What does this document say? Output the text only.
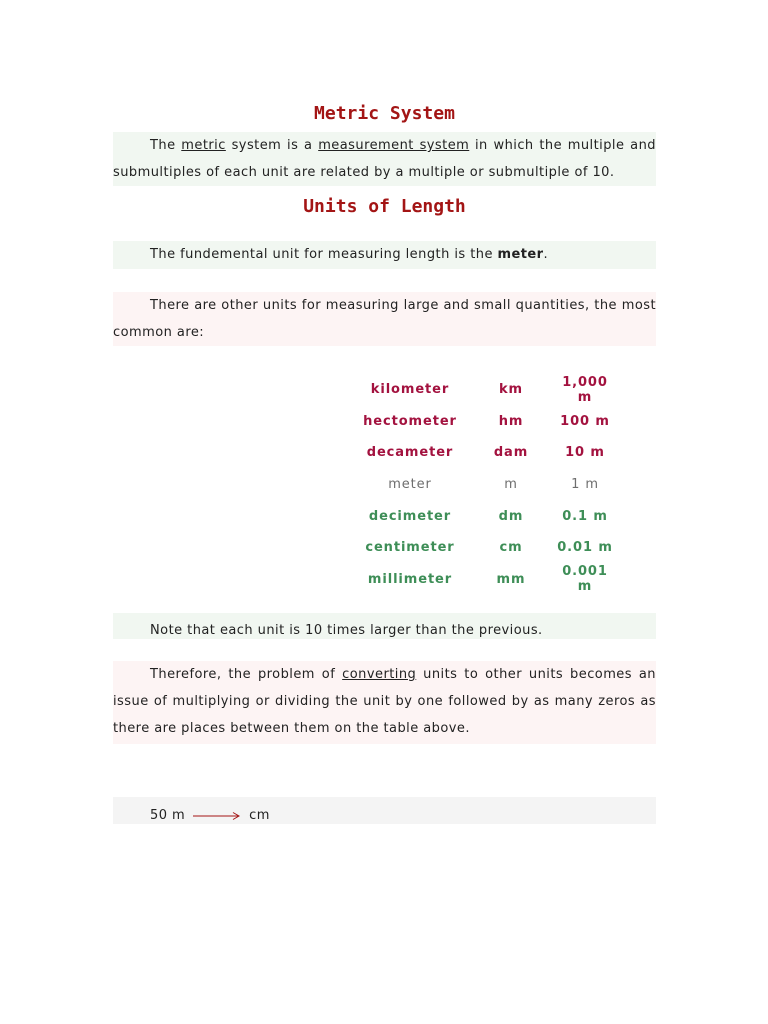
Metric System

The metric system is a measurement system in which the multiple and submultiples of each unit are related by a multiple or submultiple of 10.

Units of Length

The fundemental unit for measuring length is the meter.

There are other units for measuring large and small quantities, the most common are:

kilometer	km	1,000 m
hectometer	hm	100 m
decameter	dam	10 m
meter	m	1 m
decimeter	dm	0.1 m
centimeter	cm	0.01 m
millimeter	mm	0.001 m

Note that each unit is 10 times larger than the previous.

Therefore, the problem of converting units to other units becomes an issue of multiplying or dividing the unit by one followed by as many zeros as there are places between them on the table above.

50 m	cm
